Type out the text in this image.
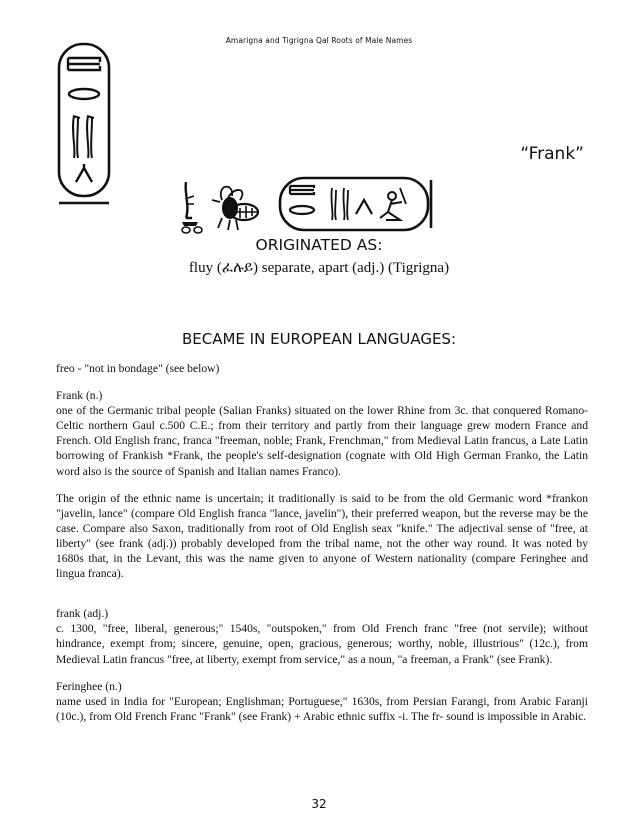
Amarigna and Tigrigna Qal Roots of Male Names
“Frank”
ORIGINATED AS:
fluy (ፈሉይ) separate, apart (adj.) (Tigrigna)
BECAME IN EUROPEAN LANGUAGES:

freo - "not in bondage" (see below)

Frank (n.)

one of the Germanic tribal people (Salian Franks) situated on the lower Rhine from 3c. that conquered Romano-Celtic northern Gaul c.500 C.E.; from their territory and partly from their language grew modern France and French. Old English franc, franca "freeman, noble; Frank, Frenchman," from Medieval Latin francus, a Late Latin borrowing of Frankish *Frank, the people's self-designation (cognate with Old High German Franko, the Latin word also is the source of Spanish and Italian names Franco).

The origin of the ethnic name is uncertain; it traditionally is said to be from the old Germanic word *frankon "javelin, lance" (compare Old English franca "lance, javelin"), their preferred weapon, but the reverse may be the case. Compare also Saxon, traditionally from root of Old English seax "knife." The adjectival sense of "free, at liberty" (see frank (adj.)) probably developed from the tribal name, not the other way round. It was noted by 1680s that, in the Levant, this was the name given to anyone of Western nationality (compare Feringhee and lingua franca).

frank (adj.)

c. 1300, "free, liberal, generous;" 1540s, "outspoken," from Old French franc "free (not servile); without hindrance, exempt from; sincere, genuine, open, gracious, generous; worthy, noble, illustrious" (12c.), from Medieval Latin francus "free, at liberty, exempt from service," as a noun, "a freeman, a Frank" (see Frank).

Feringhee (n.)

name used in India for "European; Englishman; Portuguese," 1630s, from Persian Farangi, from Arabic Faranji (10c.), from Old French Franc "Frank" (see Frank) + Arabic ethnic suffix -i. The fr- sound is impossible in Arabic.

32
